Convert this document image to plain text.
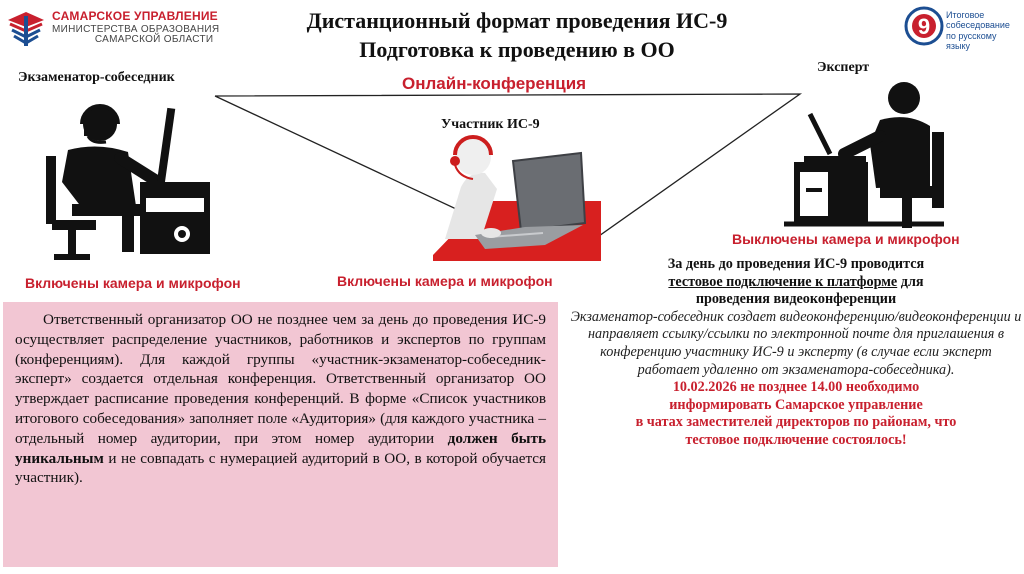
САМАРСКОЕ УПРАВЛЕНИЕ
МИНИСТЕРСТВА ОБРАЗОВАНИЯ
САМАРСКОЙ ОБЛАСТИ
9 Итоговое
собеседование
по русскому языку
Дистанционный формат проведения ИС-9
Подготовка к проведению в ОО
Экзаменатор-собеседник
Эксперт
Онлайн-конференция
Участник ИС-9
Включены камера и микрофон	Включены камера и микрофон
Выключены камера и микрофон

Ответственный организатор ОО не позднее чем за день до проведения ИС-9 осуществляет распределение участников, работников и экспертов по группам (конференциям). Для каждой группы «участник-экзаменатор-собеседник-эксперт» создается отдельная конференция. Ответственный организатор ОО утверждает расписание проведения конференций. В форме «Список участников итогового собеседования» заполняет поле «Аудитория» (для каждого участника – отдельный номер аудитории, при этом номер аудитории должен быть уникальным и не совпадать с нумерацией аудиторий в ОО, в которой обучается участник).

За день до проведения ИС-9 проводится
тестовое подключение к платформе для
проведения видеоконференции
Экзаменатор-собеседник создает видеоконференцию/видеоконференции и направляет ссылку/ссылки по электронной почте для приглашения в конференцию участнику ИС-9 и эксперту (в случае если эксперт работает удаленно от экзаменатора-собеседника).
10.02.2026 не позднее 14.00 необходимо
информировать Самарское управление
в чатах заместителей директоров по районам, что
тестовое подключение состоялось!
